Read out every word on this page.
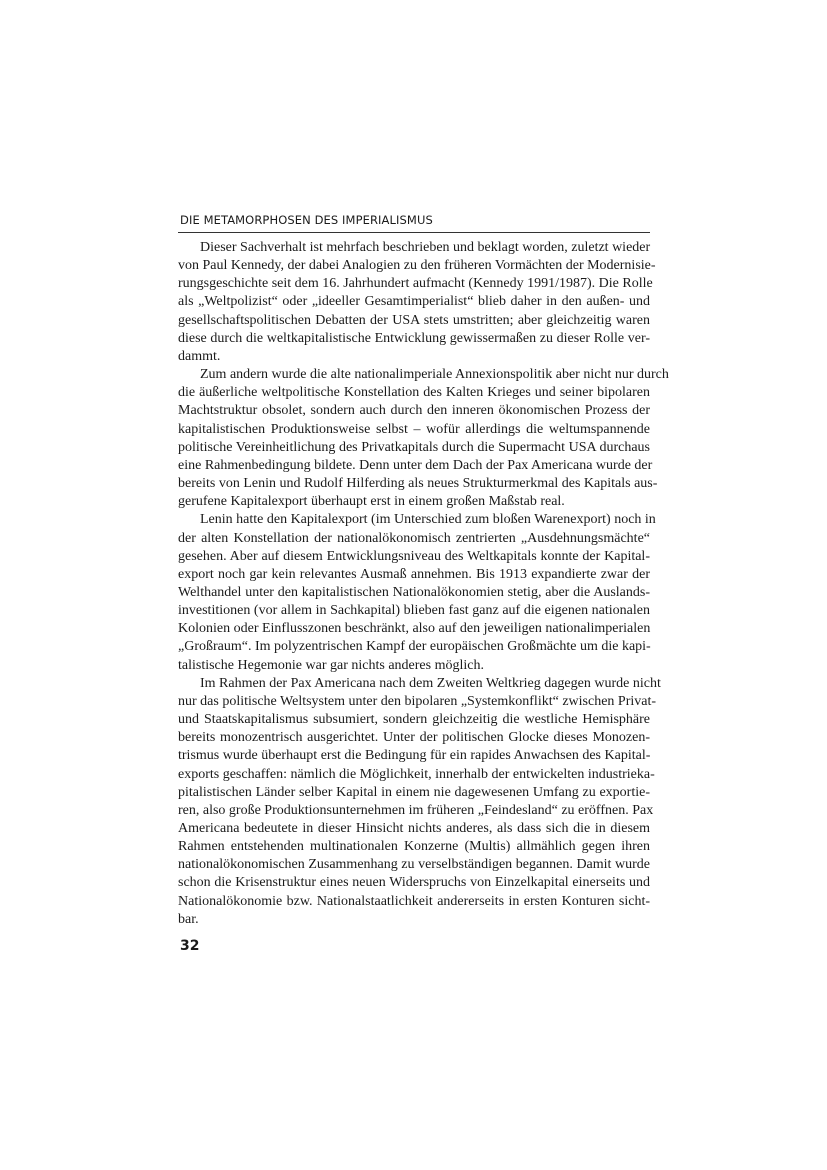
DIE METAMORPHOSEN DES IMPERIALISMUS
Dieser Sachverhalt ist mehrfach beschrieben und beklagt worden, zuletzt wieder
von Paul Kennedy, der dabei Analogien zu den früheren Vormächten der Modernisie-
rungsgeschichte seit dem 16. Jahrhundert aufmacht (Kennedy 1991/1987). Die Rolle
als „Weltpolizist“ oder „ideeller Gesamtimperialist“ blieb daher in den außen- und
gesellschaftspolitischen Debatten der USA stets umstritten; aber gleichzeitig waren
diese durch die weltkapitalistische Entwicklung gewissermaßen zu dieser Rolle ver-
dammt.
Zum andern wurde die alte nationalimperiale Annexionspolitik aber nicht nur durch
die äußerliche weltpolitische Konstellation des Kalten Krieges und seiner bipolaren
Machtstruktur obsolet, sondern auch durch den inneren ökonomischen Prozess der
kapitalistischen Produktionsweise selbst – wofür allerdings die weltumspannende
politische Vereinheitlichung des Privatkapitals durch die Supermacht USA durchaus
eine Rahmenbedingung bildete. Denn unter dem Dach der Pax Americana wurde der
bereits von Lenin und Rudolf Hilferding als neues Strukturmerkmal des Kapitals aus-
gerufene Kapitalexport überhaupt erst in einem großen Maßstab real.
Lenin hatte den Kapitalexport (im Unterschied zum bloßen Warenexport) noch in
der alten Konstellation der nationalökonomisch zentrierten „Ausdehnungsmächte“
gesehen. Aber auf diesem Entwicklungsniveau des Weltkapitals konnte der Kapital-
export noch gar kein relevantes Ausmaß annehmen. Bis 1913 expandierte zwar der
Welthandel unter den kapitalistischen Nationalökonomien stetig, aber die Auslands-
investitionen (vor allem in Sachkapital) blieben fast ganz auf die eigenen nationalen
Kolonien oder Einflusszonen beschränkt, also auf den jeweiligen nationalimperialen
„Großraum“. Im polyzentrischen Kampf der europäischen Großmächte um die kapi-
talistische Hegemonie war gar nichts anderes möglich.
Im Rahmen der Pax Americana nach dem Zweiten Weltkrieg dagegen wurde nicht
nur das politische Weltsystem unter den bipolaren „Systemkonflikt“ zwischen Privat-
und Staatskapitalismus subsumiert, sondern gleichzeitig die westliche Hemisphäre
bereits monozentrisch ausgerichtet. Unter der politischen Glocke dieses Monozen-
trismus wurde überhaupt erst die Bedingung für ein rapides Anwachsen des Kapital-
exports geschaffen: nämlich die Möglichkeit, innerhalb der entwickelten industrieka-
pitalistischen Länder selber Kapital in einem nie dagewesenen Umfang zu exportie-
ren, also große Produktionsunternehmen im früheren „Feindesland“ zu eröffnen. Pax
Americana bedeutete in dieser Hinsicht nichts anderes, als dass sich die in diesem
Rahmen entstehenden multinationalen Konzerne (Multis) allmählich gegen ihren
nationalökonomischen Zusammenhang zu verselbständigen begannen. Damit wurde
schon die Krisenstruktur eines neuen Widerspruchs von Einzelkapital einerseits und
Nationalökonomie bzw. Nationalstaatlichkeit andererseits in ersten Konturen sicht-
bar.
32
